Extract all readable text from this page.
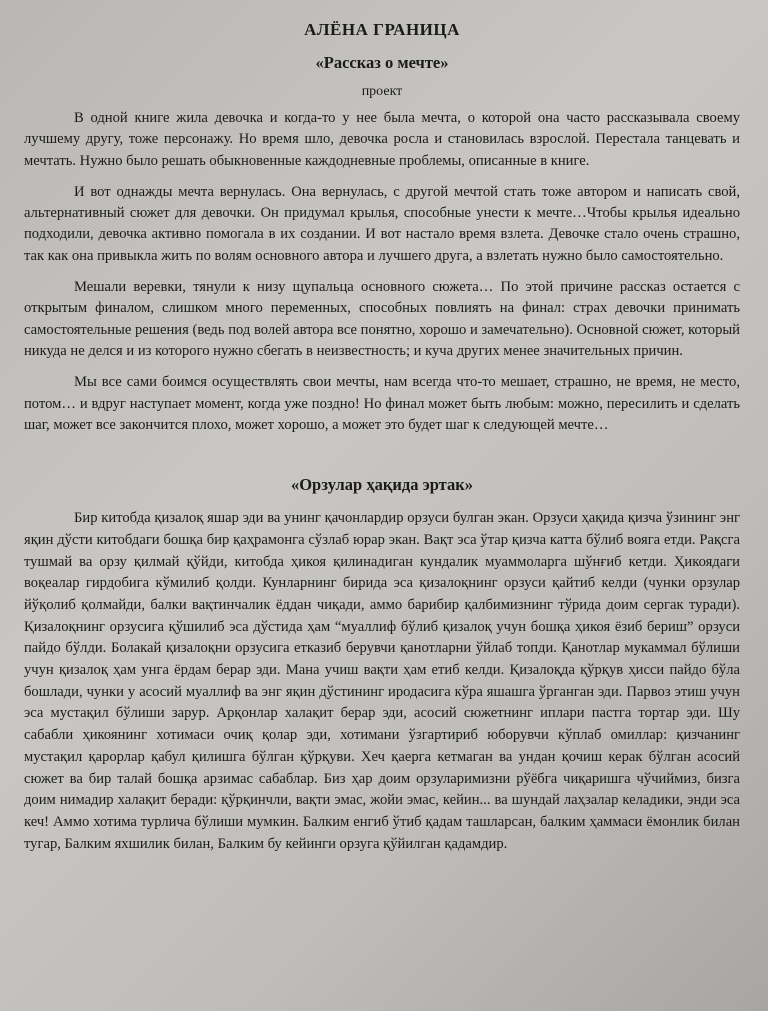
АЛЁНА ГРАНИЦА
«Рассказ о мечте»
проект

В одной книге жила девочка и когда-то у нее была мечта, о которой она часто рассказывала своему лучшему другу, тоже персонажу. Но время шло, девочка росла и становилась взрослой. Перестала танцевать и мечтать. Нужно было решать обыкновенные каждодневные проблемы, описанные в книге.

И вот однажды мечта вернулась. Она вернулась, с другой мечтой стать тоже автором и написать свой, альтернативный сюжет для девочки. Он придумал крылья, способные унести к мечте…Чтобы крылья идеально подходили, девочка активно помогала в их создании. И вот настало время взлета. Девочке стало очень страшно, так как она привыкла жить по волям основного автора и лучшего друга, а взлетать нужно было самостоятельно.

Мешали веревки, тянули к низу щупальца основного сюжета… По этой причине рассказ остается с открытым финалом, слишком много переменных, способных повлиять на финал: страх девочки принимать самостоятельные решения (ведь под волей автора все понятно, хорошо и замечательно). Основной сюжет, который никуда не делся и из которого нужно сбегать в неизвестность; и куча других менее значительных причин.

Мы все сами боимся осуществлять свои мечты, нам всегда что-то мешает, страшно, не время, не место, потом… и вдруг наступает момент, когда уже поздно! Но финал может быть любым: можно, пересилить и сделать шаг, может все закончится плохо, может хорошо, а может это будет шаг к следующей мечте…

«Орзулар ҳақида эртак»

Бир китобда қизалоқ яшар эди ва унинг қачонлардир орзуси булган экан. Орзуси ҳақида қизча ўзининг энг яқин дўсти китобдаги бошқа бир қаҳрамонга сўзлаб юрар экан. Вақт эса ўтар қизча катта бўлиб вояга етди. Рақсга тушмай ва орзу қилмай қўйди, китобда ҳикоя қилинадиган кундалик муаммоларга шўнғиб кетди. Ҳикоядаги воқеалар гирдобига кўмилиб қолди. Кунларнинг бирида эса қизалоқнинг орзуси қайтиб келди (чунки орзулар йўқолиб қолмайди, балки вақтинчалик ёддан чиқади, аммо барибир қалбимизнинг тўрида доим сергак туради). Қизалоқнинг орзусига қўшилиб эса дўстида ҳам “муаллиф бўлиб қизалоқ учун бошқа ҳикоя ёзиб бериш” орзуси пайдо бўлди. Болакай қизалоқни орзусига етказиб берувчи қанотларни ўйлаб топди. Қанотлар мукаммал бўлиши учун қизалоқ ҳам унга ёрдам берар эди. Мана учиш вақти ҳам етиб келди. Қизалоқда қўрқув ҳисси пайдо бўла бошлади, чунки у асосий муаллиф ва энг яқин дўстининг иродасига кўра яшашга ўрганган эди. Парвоз этиш учун эса мустақил бўлиши зарур. Арқонлар халақит берар эди, асосий сюжетнинг иплари пастга тортар эди. Шу сабабли ҳикоянинг хотимаси очиқ қолар эди, хотимани ўзгартириб юборувчи кўплаб омиллар: қизчанинг мустақил қарорлар қабул қилишга бўлган қўрқуви. Хеч қаерга кетмаган ва ундан қочиш керак бўлган асосий сюжет ва бир талай бошқа арзимас сабаблар. Биз ҳар доим орзуларимизни рўёбга чиқаришга чўчиймиз, бизга доим нимадир халақит беради: қўрқинчли, вақти эмас, жойи эмас, кейин... ва шундай лаҳзалар келадики, энди эса кеч! Аммо хотима турлича бўлиши мумкин. Балким енгиб ўтиб қадам ташларсан, балким ҳаммаси ёмонлик билан тугар, Балким яхшилик билан, Балким бу кейинги орзуга қўйилган қадамдир.
